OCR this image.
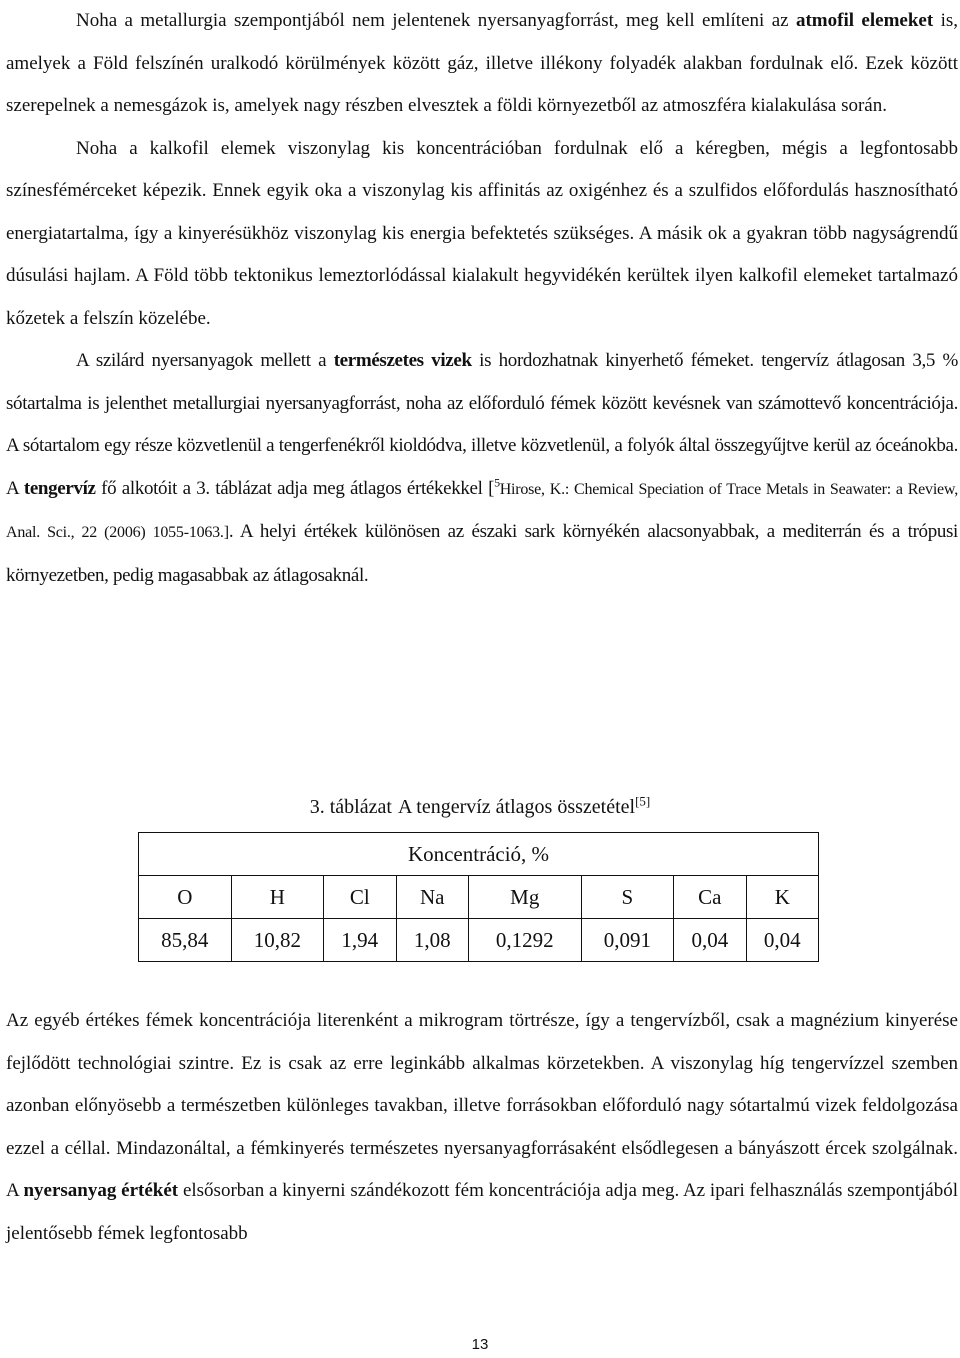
Noha a metallurgia szempontjából nem jelentenek nyersanyagforrást, meg kell említeni az atmofil elemeket is, amelyek a Föld felszínén uralkodó körülmények között gáz, illetve illékony folyadék alakban fordulnak elő. Ezek között szerepelnek a nemesgázok is, amelyek nagy részben elvesztek a földi környezetből az atmoszféra kialakulása során.

Noha a kalkofil elemek viszonylag kis koncentrációban fordulnak elő a kéregben, mégis a legfontosabb színesfémérceket képezik. Ennek egyik oka a viszonylag kis affinitás az oxigénhez és a szulfidos előfordulás hasznosítható energiatartalma, így a kinyerésükhöz viszonylag kis energia befektetés szükséges. A másik ok a gyakran több nagyságrendű dúsulási hajlam. A Föld több tektonikus lemeztorlódással kialakult hegyvidékén kerültek ilyen kalkofil elemeket tartalmazó kőzetek a felszín közelébe.

A szilárd nyersanyagok mellett a természetes vizek is hordozhatnak kinyerhető fémeket. tengervíz átlagosan 3,5 % sótartalma is jelenthet metallurgiai nyersanyagforrást, noha az előforduló fémek között kevésnek van számottevő koncentrációja. A sótartalom egy része közvetlenül a tengerfenékről kioldódva, illetve közvetlenül, a folyók által összegyűjtve kerül az óceánokba. A tengervíz fő alkotóit a 3. táblázat adja meg átlagos értékekkel [$^5$Hirose, K.: Chemical Speciation of Trace Metals in Seawater: a Review, Anal. Sci., 22 (2006) 1055-1063.]. A helyi értékek különösen az északi sark környékén alacsonyabbak, a mediterrán és a trópusi környezetben, pedig magasabbak az átlagosaknál.

3. táblázat A tengervíz átlagos összetétel[5]
Koncentráció, %							
O	H	Cl	Na	Mg	S	Ca	K
85,84	10,82	1,94	1,08	0,1292	0,091	0,04	0,04

Az egyéb értékes fémek koncentrációja literenként a mikrogram törtrésze, így a tengervízből, csak a magnézium kinyerése fejlődött technológiai szintre. Ez is csak az erre leginkább alkalmas körzetekben. A viszonylag híg tengervízzel szemben azonban előnyösebb a természetben különleges tavakban, illetve forrásokban előforduló nagy sótartalmú vizek feldolgozása ezzel a céllal. Mindazonáltal, a fémkinyerés természetes nyersanyagforrásaként elsődlegesen a bányászott ércek szolgálnak. A nyersanyag értékét elsősorban a kinyerni szándékozott fém koncentrációja adja meg. Az ipari felhasználás szempontjából jelentősebb fémek legfontosabb

13
